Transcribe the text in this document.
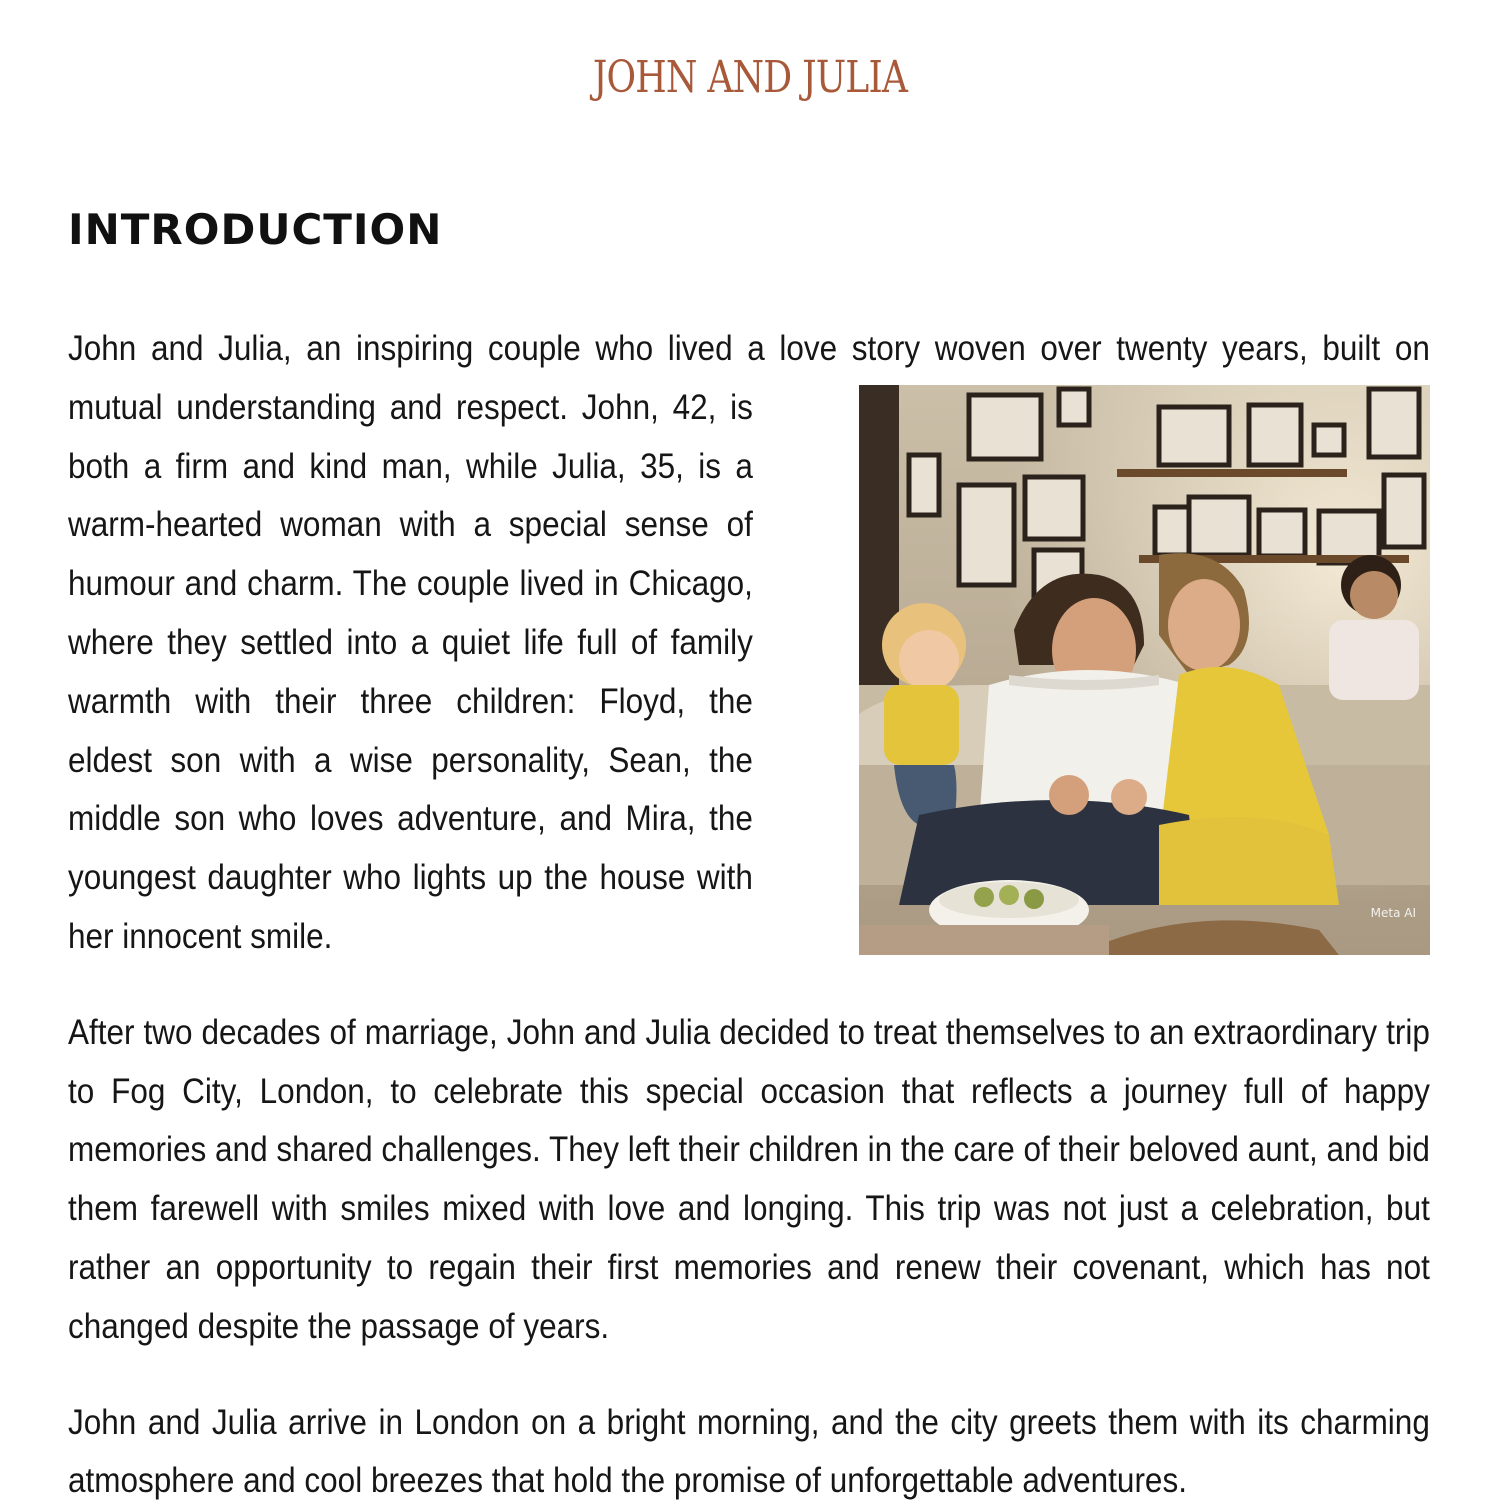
JOHN AND JULIA
INTRODUCTION

John and Julia, an inspiring couple who lived a love story woven over twenty years, built on

Meta AI

mutual understanding and respect. John, 42, is both a firm and kind man, while Julia, 35, is a warm-hearted woman with a special sense of humour and charm. The couple lived in Chicago, where they settled into a quiet life full of family warmth with their three children: Floyd, the eldest son with a wise personality, Sean, the middle son who loves adventure, and Mira, the youngest daughter who lights up the house with her innocent smile.

After two decades of marriage, John and Julia decided to treat themselves to an extraordinary trip to Fog City, London, to celebrate this special occasion that reflects a journey full of happy memories and shared challenges. They left their children in the care of their beloved aunt, and bid them farewell with smiles mixed with love and longing. This trip was not just a celebration, but rather an opportunity to regain their first memories and renew their covenant, which has not changed despite the passage of years.

John and Julia arrive in London on a bright morning, and the city greets them with its charming atmosphere and cool breezes that hold the promise of unforgettable adventures.
